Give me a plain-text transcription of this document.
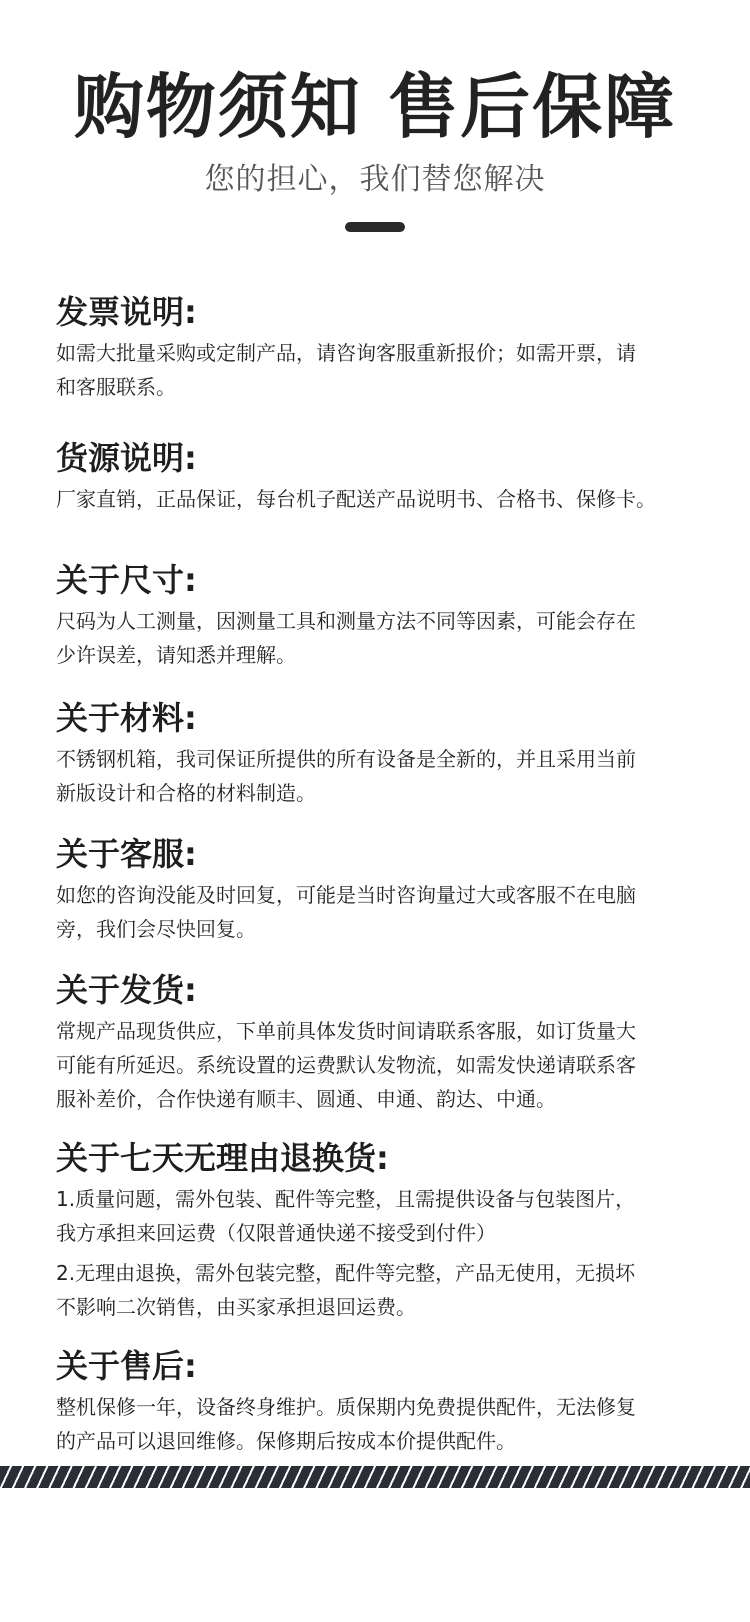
购物须知 售后保障
您的担心，我们替您解决
发票说明:

如需大批量采购或定制产品，请咨询客服重新报价；如需开票，请
和客服联系。

货源说明:

厂家直销，正品保证，每台机子配送产品说明书、合格书、保修卡。

关于尺寸:

尺码为人工测量，因测量工具和测量方法不同等因素，可能会存在
少许误差，请知悉并理解。

关于材料:

不锈钢机箱，我司保证所提供的所有设备是全新的，并且采用当前
新版设计和合格的材料制造。

关于客服:

如您的咨询没能及时回复，可能是当时咨询量过大或客服不在电脑
旁，我们会尽快回复。

关于发货:

常规产品现货供应，下单前具体发货时间请联系客服，如订货量大
可能有所延迟。系统设置的运费默认发物流，如需发快递请联系客
服补差价，合作快递有顺丰、圆通、申通、韵达、中通。

关于七天无理由退换货:

1.质量问题，需外包装、配件等完整，且需提供设备与包装图片，
我方承担来回运费（仅限普通快递不接受到付件）

2.无理由退换，需外包装完整，配件等完整，产品无使用，无损坏
不影响二次销售，由买家承担退回运费。

关于售后:

整机保修一年，设备终身维护。质保期内免费提供配件，无法修复
的产品可以退回维修。保修期后按成本价提供配件。
